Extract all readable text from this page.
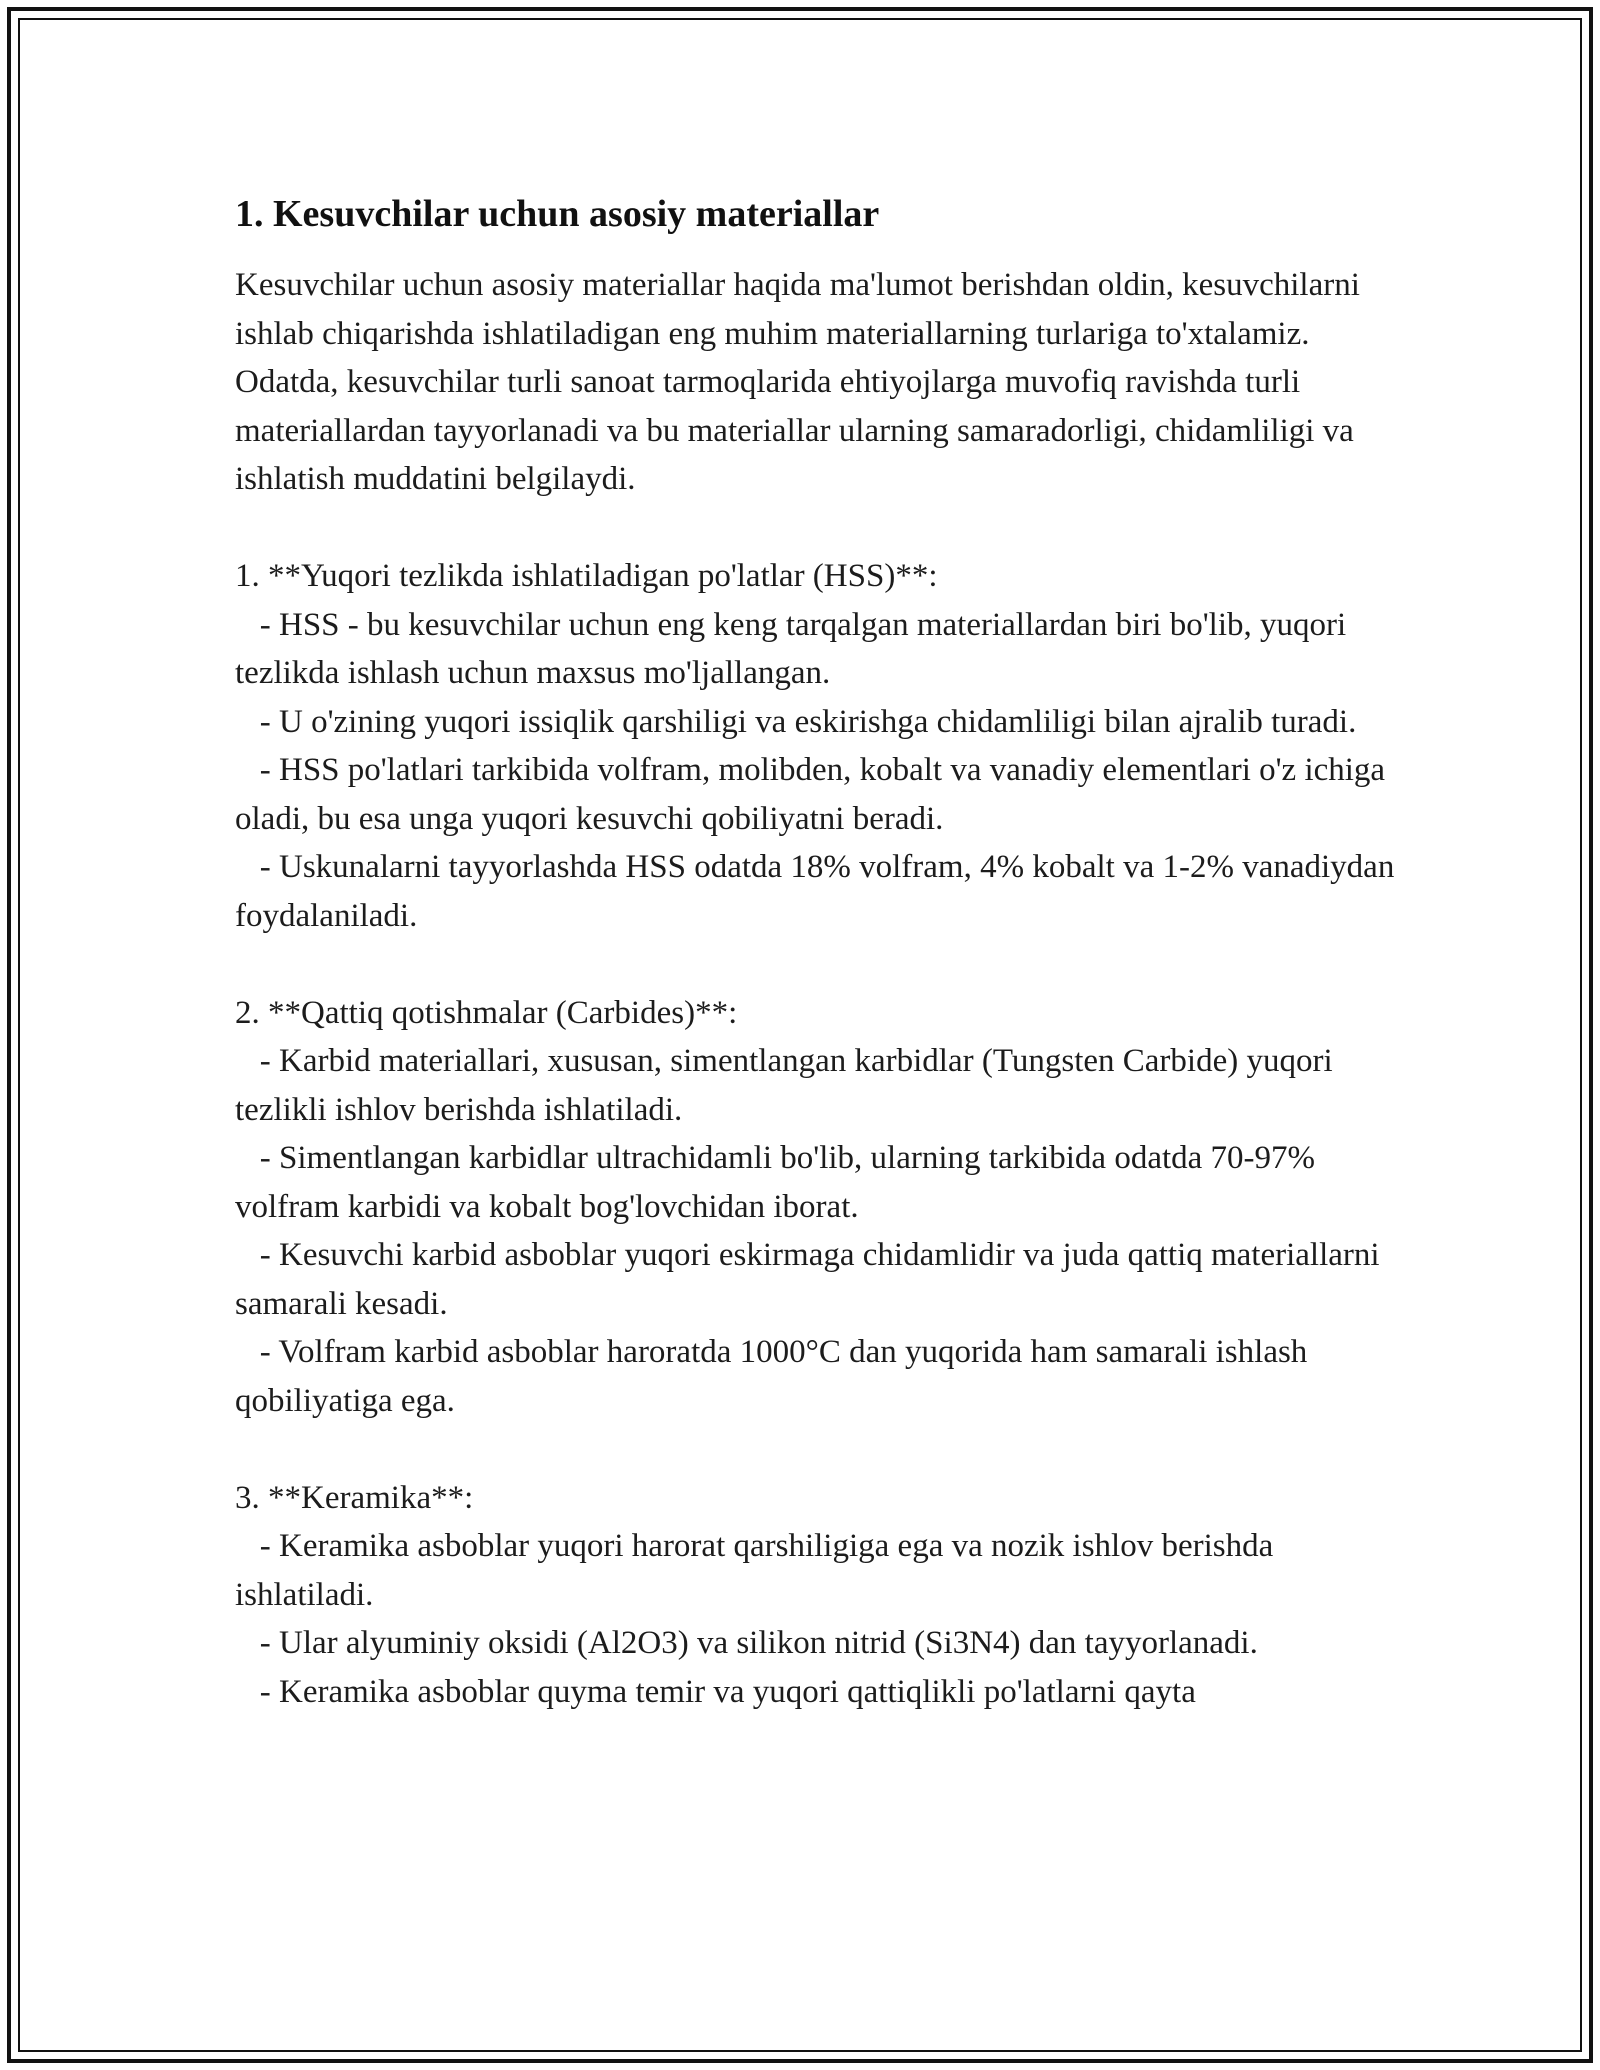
1. Kesuvchilar uchun asosiy materiallar

Kesuvchilar uchun asosiy materiallar haqida ma'lumot berishdan oldin, kesuvchilarni ishlab chiqarishda ishlatiladigan eng muhim materiallarning turlariga to'xtalamiz. Odatda, kesuvchilar turli sanoat tarmoqlarida ehtiyojlarga muvofiq ravishda turli materiallardan tayyorlanadi va bu materiallar ularning samaradorligi, chidamliligi va ishlatish muddatini belgilaydi.

1. **Yuqori tezlikda ishlatiladigan po'latlar (HSS)**:

- HSS - bu kesuvchilar uchun eng keng tarqalgan materiallardan biri bo'lib, yuqori tezlikda ishlash uchun maxsus mo'ljallangan.

- U o'zining yuqori issiqlik qarshiligi va eskirishga chidamliligi bilan ajralib turadi.

- HSS po'latlari tarkibida volfram, molibden, kobalt va vanadiy elementlari o'z ichiga oladi, bu esa unga yuqori kesuvchi qobiliyatni beradi.

- Uskunalarni tayyorlashda HSS odatda 18% volfram, 4% kobalt va 1-2% vanadiydan foydalaniladi.

2. **Qattiq qotishmalar (Carbides)**:

- Karbid materiallari, xususan, simentlangan karbidlar (Tungsten Carbide) yuqori tezlikli ishlov berishda ishlatiladi.

- Simentlangan karbidlar ultrachidamli bo'lib, ularning tarkibida odatda 70-97% volfram karbidi va kobalt bog'lovchidan iborat.

- Kesuvchi karbid asboblar yuqori eskirmaga chidamlidir va juda qattiq materiallarni samarali kesadi.

- Volfram karbid asboblar haroratda 1000°C dan yuqorida ham samarali ishlash qobiliyatiga ega.

3. **Keramika**:

- Keramika asboblar yuqori harorat qarshiligiga ega va nozik ishlov berishda ishlatiladi.

- Ular alyuminiy oksidi (Al2O3) va silikon nitrid (Si3N4) dan tayyorlanadi.

- Keramika asboblar quyma temir va yuqori qattiqlikli po'latlarni qayta
